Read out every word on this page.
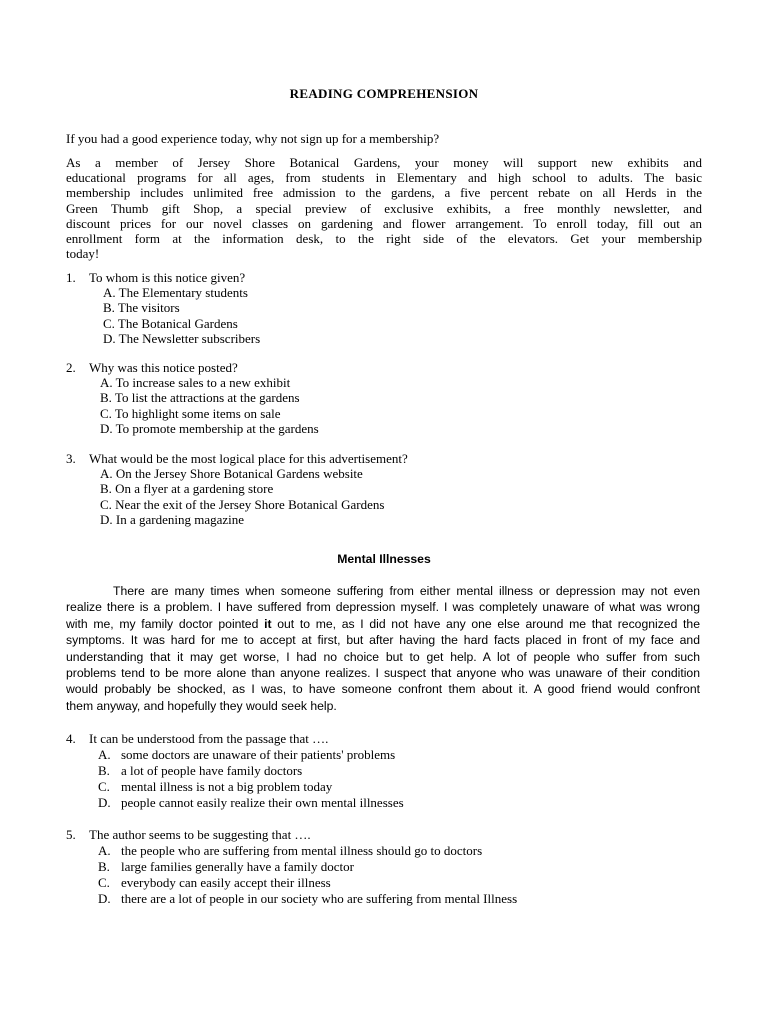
READING COMPREHENSION
If you had a good experience today, why not sign up for a membership?
As a member of Jersey Shore Botanical Gardens, your money will support new exhibits and
educational programs for all ages, from students in Elementary and high school to adults. The basic
membership includes unlimited free admission to the gardens, a five percent rebate on all Herds in the
Green Thumb gift Shop, a special preview of exclusive exhibits, a free monthly newsletter, and
discount prices for our novel classes on gardening and flower arrangement. To enroll today, fill out an
enrollment form at the information desk, to the right side of the elevators. Get your membership
today!
1. To whom is this notice given?
A. The Elementary students
B. The visitors
C. The Botanical Gardens
D. The Newsletter subscribers
2. Why was this notice posted?
A. To increase sales to a new exhibit
B. To list the attractions at the gardens
C. To highlight some items on sale
D. To promote membership at the gardens
3. What would be the most logical place for this advertisement?
A. On the Jersey Shore Botanical Gardens website
B. On a flyer at a gardening store
C. Near the exit of the Jersey Shore Botanical Gardens
D. In a gardening magazine
Mental Illnesses
There are many times when someone suffering from either mental illness or depression may not even
realize there is a problem. I have suffered from depression myself. I was completely unaware of what was wrong
with me, my family doctor pointed it out to me, as I did not have any one else around me that recognized the
symptoms. It was hard for me to accept at first, but after having the hard facts placed in front of my face and
understanding that it may get worse, I had no choice but to get help. A lot of people who suffer from such
problems tend to be more alone than anyone realizes. I suspect that anyone who was unaware of their condition
would probably be shocked, as I was, to have someone confront them about it. A good friend would confront
them anyway, and hopefully they would seek help.
4. It can be understood from the passage that ….
A. some doctors are unaware of their patients' problems
B. a lot of people have family doctors
C. mental illness is not a big problem today
D. people cannot easily realize their own mental illnesses
5. The author seems to be suggesting that ….
A. the people who are suffering from mental illness should go to doctors
B. large families generally have a family doctor
C. everybody can easily accept their illness
D. there are a lot of people in our society who are suffering from mental Illness
